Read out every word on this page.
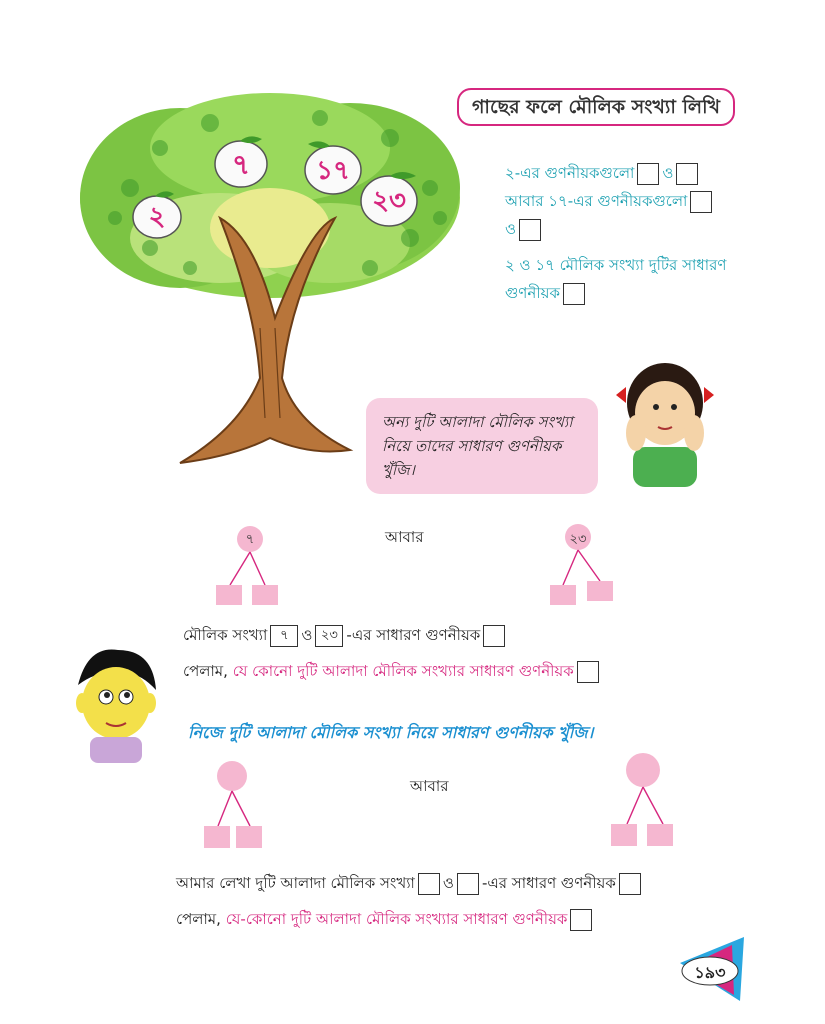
২
৭	১৭
২৩
গাছের ফলে মৌলিক সংখ্যা লিখি
২-এর গুণনীয়কগুলো ও
আবার ১৭-এর গুণনীয়কগুলো
ও
২ ও ১৭ মৌলিক সংখ্যা দুটির সাধারণ
গুণনীয়ক
অন্য দুটি আলাদা মৌলিক সংখ্যা নিয়ে তাদের সাধারণ গুণনীয়ক খুঁজি।
৭	আবার	২৩
মৌলিক সংখ্যা ৭ ও ২৩ -এর সাধারণ গুণনীয়ক
পেলাম, যে কোনো দুটি আলাদা মৌলিক সংখ্যার সাধারণ গুণনীয়ক
নিজে দুটি আলাদা মৌলিক সংখ্যা নিয়ে সাধারণ গুণনীয়ক খুঁজি।
আবার
আমার লেখা দুটি আলাদা মৌলিক সংখ্যা ও -এর সাধারণ গুণনীয়ক
পেলাম, যে-কোনো দুটি আলাদা মৌলিক সংখ্যার সাধারণ গুণনীয়ক
১৯৩
